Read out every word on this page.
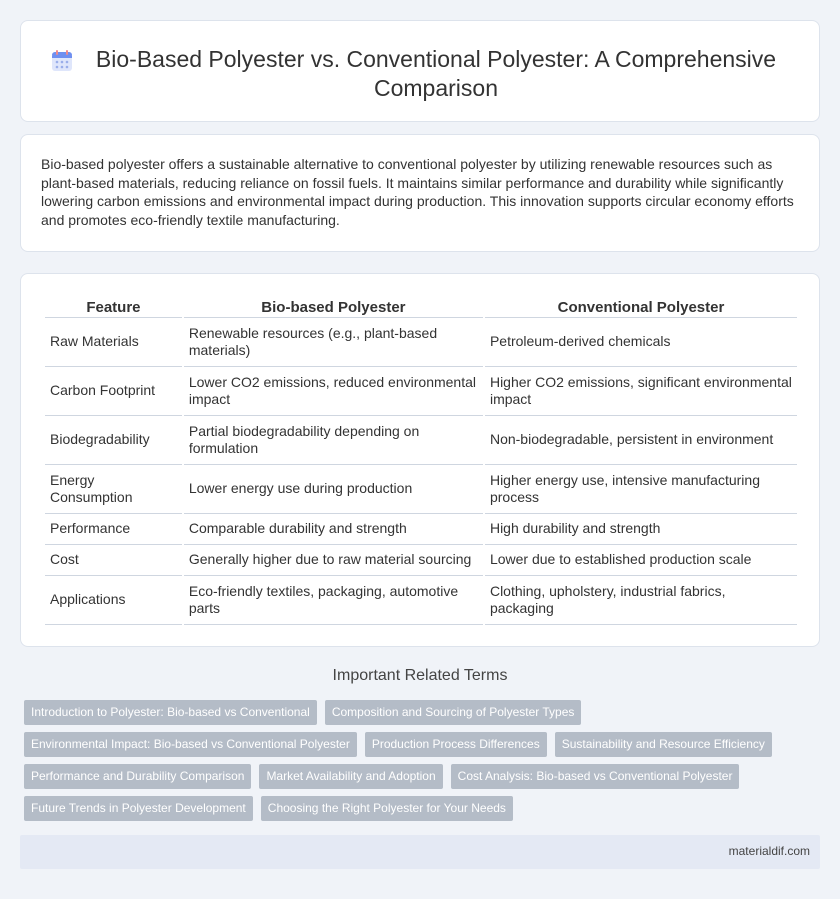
Bio-Based Polyester vs. Conventional Polyester: A Comprehensive Comparison

Bio-based polyester offers a sustainable alternative to conventional polyester by utilizing renewable resources such as plant-based materials, reducing reliance on fossil fuels. It maintains similar performance and durability while significantly lowering carbon emissions and environmental impact during production. This innovation supports circular economy efforts and promotes eco-friendly textile manufacturing.

Feature	Bio-based Polyester	Conventional Polyester
Raw Materials	Renewable resources (e.g., plant-based materials)	Petroleum-derived chemicals
Carbon Footprint	Lower CO2 emissions, reduced environmental impact	Higher CO2 emissions, significant environmental impact
Biodegradability	Partial biodegradability depending on formulation	Non-biodegradable, persistent in environment
Energy Consumption	Lower energy use during production	Higher energy use, intensive manufacturing process
Performance	Comparable durability and strength	High durability and strength
Cost	Generally higher due to raw material sourcing	Lower due to established production scale
Applications	Eco-friendly textiles, packaging, automotive parts	Clothing, upholstery, industrial fabrics, packaging
Important Related Terms
Introduction to Polyester: Bio-based vs Conventional	Composition and Sourcing of Polyester Types
Environmental Impact: Bio-based vs Conventional Polyester	Production Process Differences	Sustainability and Resource Efficiency
Performance and Durability Comparison	Market Availability and Adoption	Cost Analysis: Bio-based vs Conventional Polyester
Future Trends in Polyester Development	Choosing the Right Polyester for Your Needs
materialdif.com
